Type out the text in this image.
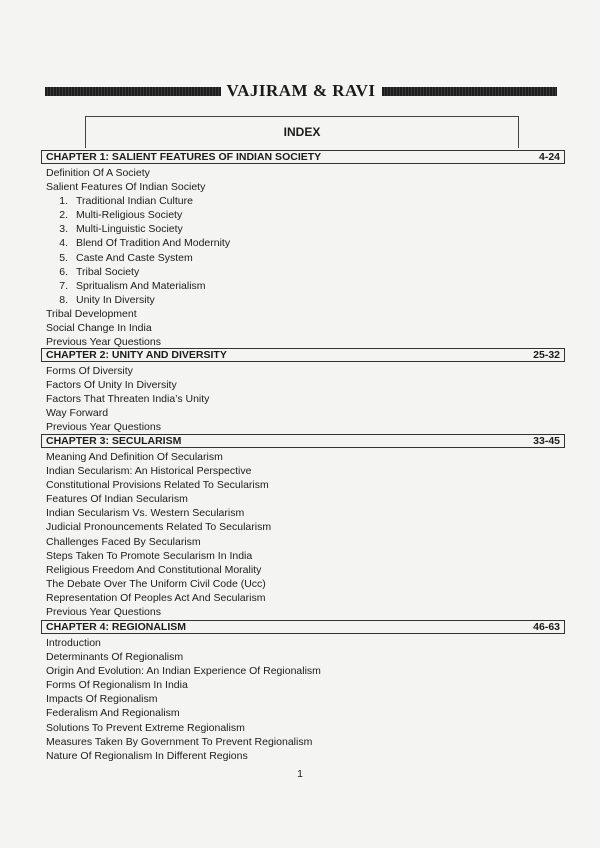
VAJIRAM & RAVI
INDEX
CHAPTER 1: SALIENT FEATURES OF INDIAN SOCIETY	4-24
Definition Of A Society
Salient Features Of Indian Society
1. Traditional Indian Culture
2. Multi-Religious Society
3. Multi-Linguistic Society
4. Blend Of Tradition And Modernity
5. Caste And Caste System
6. Tribal Society
7. Spritualism And Materialism
8. Unity In Diversity
Tribal Development
Social Change In India
Previous Year Questions
CHAPTER 2: UNITY AND DIVERSITY	25-32
Forms Of Diversity
Factors Of Unity In Diversity
Factors That Threaten India’s Unity
Way Forward
Previous Year Questions
CHAPTER 3: SECULARISM	33-45
Meaning And Definition Of Secularism
Indian Secularism: An Historical Perspective
Constitutional Provisions Related To Secularism
Features Of Indian Secularism
Indian Secularism Vs. Western Secularism
Judicial Pronouncements Related To Secularism
Challenges Faced By Secularism
Steps Taken To Promote Secularism In India
Religious Freedom And Constitutional Morality
The Debate Over The Uniform Civil Code (Ucc)
Representation Of Peoples Act And Secularism
Previous Year Questions
CHAPTER 4: REGIONALISM	46-63
Introduction
Determinants Of Regionalism
Origin And Evolution: An Indian Experience Of Regionalism
Forms Of Regionalism In India
Impacts Of Regionalism
Federalism And Regionalism
Solutions To Prevent Extreme Regionalism
Measures Taken By Government To Prevent Regionalism
Nature Of Regionalism In Different Regions
1
